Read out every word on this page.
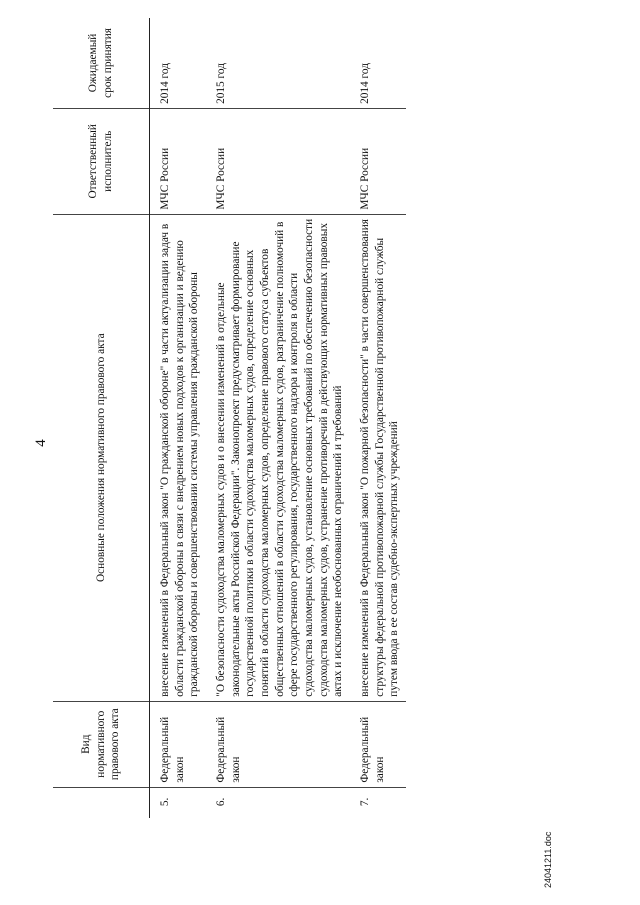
4
	Вид нормативного правового акта	Основные положения нормативного правового акта	Ответственный исполнитель	Ожидаемый срок принятия
5.	Федеральный закон	внесение изменений в Федеральный закон "О гражданской обороне" в части актуализации задач в области гражданской обороны в связи с внедрением новых подходов к организации и ведению гражданской обороны и совершенствовании системы управления гражданской обороны	МЧС России	2014 год
6.	Федеральный закон	"О безопасности судоходства маломерных судов и о внесении изменений в отдельные законодательные акты Российской Федерации". Законопроект предусматривает формирование государственной политики в области судоходства маломерных судов, определение основных понятий в области судоходства маломерных судов, определение правового статуса субъектов общественных отношений в области судоходства маломерных судов, разграничение полномочий в сфере государственного регулирования, государственного надзора и контроля в области судоходства маломерных судов, установление основных требований по обеспечению безопасности судоходства маломерных судов, устранение противоречий в действующих нормативных правовых актах и исключение необоснованных ограничений и требований	МЧС России	2015 год
7.	Федеральный закон	внесение изменений в Федеральный закон "О пожарной безопасности" в части совершенствования структуры федеральной противопожарной службы Государственной противопожарной службы путем ввода в ее состав судебно-экспертных учреждений	МЧС России	2014 год
24041211.doc
